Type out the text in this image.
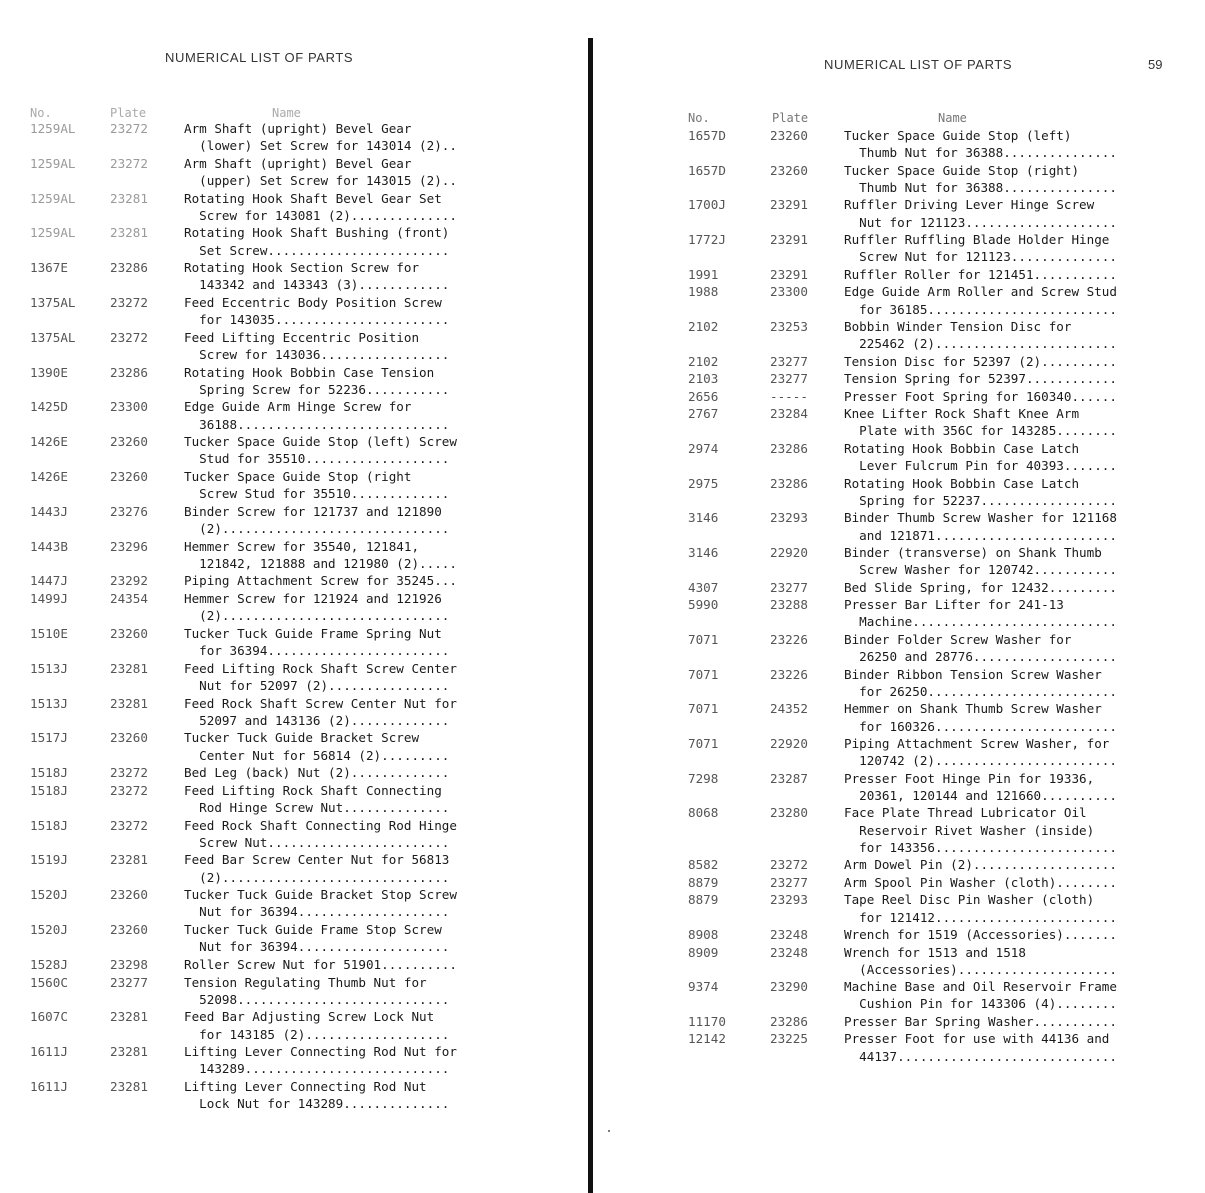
NUMERICAL LIST OF PARTS
No.	Plate	Name
1259AL	23272	Arm Shaft (upright) Bevel Gear
(lower) Set Screw for 143014 (2)..
1259AL	23272	Arm Shaft (upright) Bevel Gear
(upper) Set Screw for 143015 (2)..
1259AL	23281	Rotating Hook Shaft Bevel Gear Set
Screw for 143081 (2)..............
1259AL	23281	Rotating Hook Shaft Bushing (front)
Set Screw........................
1367E	23286	Rotating Hook Section Screw for
143342 and 143343 (3)............
1375AL	23272	Feed Eccentric Body Position Screw
for 143035.......................
1375AL	23272	Feed Lifting Eccentric Position
Screw for 143036.................
1390E	23286	Rotating Hook Bobbin Case Tension
Spring Screw for 52236...........
1425D	23300	Edge Guide Arm Hinge Screw for
36188............................
1426E	23260	Tucker Space Guide Stop (left) Screw
Stud for 35510...................
1426E	23260	Tucker Space Guide Stop (right
Screw Stud for 35510.............
1443J	23276	Binder Screw for 121737 and 121890
(2)..............................
1443B	23296	Hemmer Screw for 35540, 121841,
121842, 121888 and 121980 (2).....
1447J	23292	Piping Attachment Screw for 35245...
1499J	24354	Hemmer Screw for 121924 and 121926
(2)..............................
1510E	23260	Tucker Tuck Guide Frame Spring Nut
for 36394........................
1513J	23281	Feed Lifting Rock Shaft Screw Center
Nut for 52097 (2)................
1513J	23281	Feed Rock Shaft Screw Center Nut for
52097 and 143136 (2).............
1517J	23260	Tucker Tuck Guide Bracket Screw
Center Nut for 56814 (2).........
1518J	23272	Bed Leg (back) Nut (2).............
1518J	23272	Feed Lifting Rock Shaft Connecting
Rod Hinge Screw Nut..............
1518J	23272	Feed Rock Shaft Connecting Rod Hinge
Screw Nut........................
1519J	23281	Feed Bar Screw Center Nut for 56813
(2)..............................
1520J	23260	Tucker Tuck Guide Bracket Stop Screw
Nut for 36394....................
1520J	23260	Tucker Tuck Guide Frame Stop Screw
Nut for 36394....................
1528J	23298	Roller Screw Nut for 51901..........
1560C	23277	Tension Regulating Thumb Nut for
52098............................
1607C	23281	Feed Bar Adjusting Screw Lock Nut
for 143185 (2)...................
1611J	23281	Lifting Lever Connecting Rod Nut for
143289...........................
1611J	23281	Lifting Lever Connecting Rod Nut
Lock Nut for 143289..............
NUMERICAL LIST OF PARTS	59
No.	Plate	Name
1657D	23260	Tucker Space Guide Stop (left)
Thumb Nut for 36388...............
1657D	23260	Tucker Space Guide Stop (right)
Thumb Nut for 36388...............
1700J	23291	Ruffler Driving Lever Hinge Screw
Nut for 121123....................
1772J	23291	Ruffler Ruffling Blade Holder Hinge
Screw Nut for 121123..............
1991	23291	Ruffler Roller for 121451...........
1988	23300	Edge Guide Arm Roller and Screw Stud
for 36185.........................
2102	23253	Bobbin Winder Tension Disc for
225462 (2)........................
2102	23277	Tension Disc for 52397 (2)..........
2103	23277	Tension Spring for 52397............
2656	-----	Presser Foot Spring for 160340......
2767	23284	Knee Lifter Rock Shaft Knee Arm
Plate with 356C for 143285........
2974	23286	Rotating Hook Bobbin Case Latch
Lever Fulcrum Pin for 40393.......
2975	23286	Rotating Hook Bobbin Case Latch
Spring for 52237..................
3146	23293	Binder Thumb Screw Washer for 121168
and 121871........................
3146	22920	Binder (transverse) on Shank Thumb
Screw Washer for 120742...........
4307	23277	Bed Slide Spring, for 12432.........
5990	23288	Presser Bar Lifter for 241-13
Machine...........................
7071	23226	Binder Folder Screw Washer for
26250 and 28776...................
7071	23226	Binder Ribbon Tension Screw Washer
for 26250.........................
7071	24352	Hemmer on Shank Thumb Screw Washer
for 160326........................
7071	22920	Piping Attachment Screw Washer, for
120742 (2)........................
7298	23287	Presser Foot Hinge Pin for 19336,
20361, 120144 and 121660..........
8068	23280	Face Plate Thread Lubricator Oil
Reservoir Rivet Washer (inside)
for 143356........................
8582	23272	Arm Dowel Pin (2)...................
8879	23277	Arm Spool Pin Washer (cloth)........
8879	23293	Tape Reel Disc Pin Washer (cloth)
for 121412........................
8908	23248	Wrench for 1519 (Accessories).......
8909	23248	Wrench for 1513 and 1518
(Accessories).....................
9374	23290	Machine Base and Oil Reservoir Frame
Cushion Pin for 143306 (4)........
11170	23286	Presser Bar Spring Washer...........
12142	23225	Presser Foot for use with 44136 and
44137.............................
